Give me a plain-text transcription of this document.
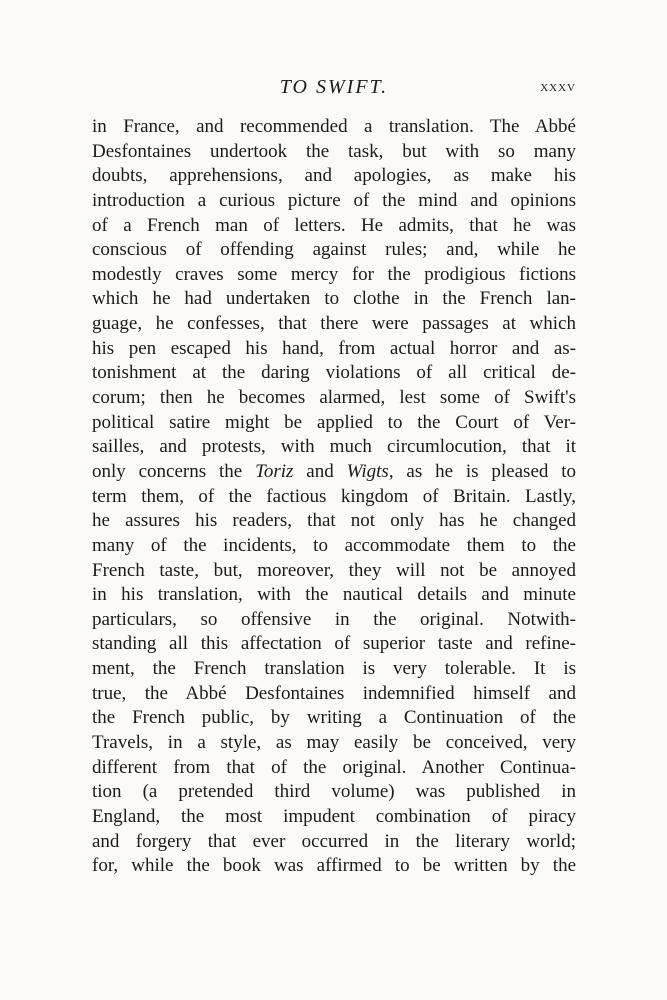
TO SWIFT.	xxxv
in France, and recommended a translation. The Abbé
Desfontaines undertook the task, but with so many
doubts, apprehensions, and apologies, as make his
introduction a curious picture of the mind and opinions
of a French man of letters. He admits, that he was
conscious of offending against rules; and, while he
modestly craves some mercy for the prodigious fictions
which he had undertaken to clothe in the French lan-
guage, he confesses, that there were passages at which
his pen escaped his hand, from actual horror and as-
tonishment at the daring violations of all critical de-
corum; then he becomes alarmed, lest some of Swift's
political satire might be applied to the Court of Ver-
sailles, and protests, with much circumlocution, that it
only concerns the Toriz and Wigts, as he is pleased to
term them, of the factious kingdom of Britain. Lastly,
he assures his readers, that not only has he changed
many of the incidents, to accommodate them to the
French taste, but, moreover, they will not be annoyed
in his translation, with the nautical details and minute
particulars, so offensive in the original. Notwith-
standing all this affectation of superior taste and refine-
ment, the French translation is very tolerable. It is
true, the Abbé Desfontaines indemnified himself and
the French public, by writing a Continuation of the
Travels, in a style, as may easily be conceived, very
different from that of the original. Another Continua-
tion (a pretended third volume) was published in
England, the most impudent combination of piracy
and forgery that ever occurred in the literary world;
for, while the book was affirmed to be written by the
